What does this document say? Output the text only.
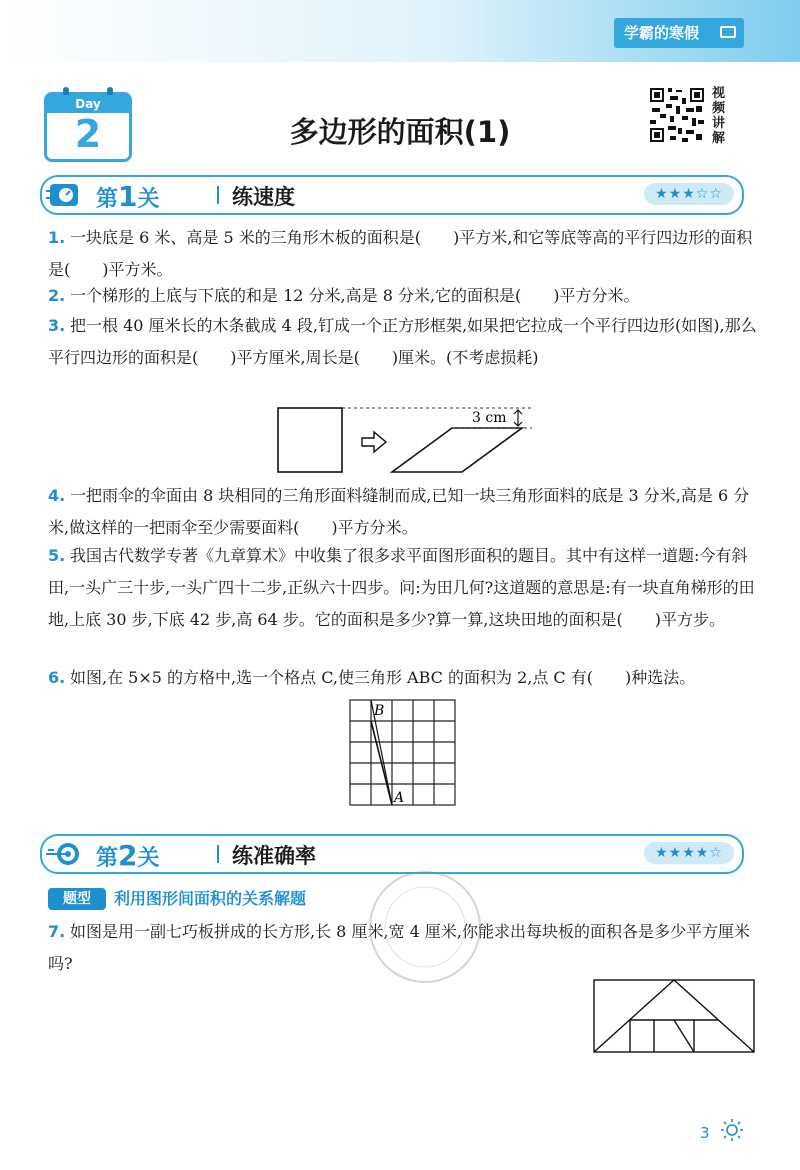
学霸的寒假
Day
2	多边形的面积(1)
视
频
讲
解
第1关	练速度	★★★☆☆
1. 一块底是 6 米、高是 5 米的三角形木板的面积是(　　)平方米,和它等底等高的平行四边形的面积是(　　)平方米。
2. 一个梯形的上底与下底的和是 12 分米,高是 8 分米,它的面积是(　　)平方分米。
3. 把一根 40 厘米长的木条截成 4 段,钉成一个正方形框架,如果把它拉成一个平行四边形(如图),那么平行四边形的面积是(　　)平方厘米,周长是(　　)厘米。(不考虑损耗)
3 cm
4. 一把雨伞的伞面由 8 块相同的三角形面料缝制而成,已知一块三角形面料的底是 3 分米,高是 6 分米,做这样的一把雨伞至少需要面料(　　)平方分米。
5. 我国古代数学专著《九章算术》中收集了很多求平面图形面积的题目。其中有这样一道题:今有斜田,一头广三十步,一头广四十二步,正纵六十四步。问:为田几何?这道题的意思是:有一块直角梯形的田地,上底 30 步,下底 42 步,高 64 步。它的面积是多少?算一算,这块田地的面积是(　　)平方步。
6. 如图,在 5×5 的方格中,选一个格点 C,使三角形 ABC 的面积为 2,点 C 有(　　)种选法。
B
A
第2关	练准确率	★★★★☆
题型	利用图形间面积的关系解题
7. 如图是用一副七巧板拼成的长方形,长 8 厘米,宽 4 厘米,你能求出每块板的面积各是多少平方厘米吗?
3
